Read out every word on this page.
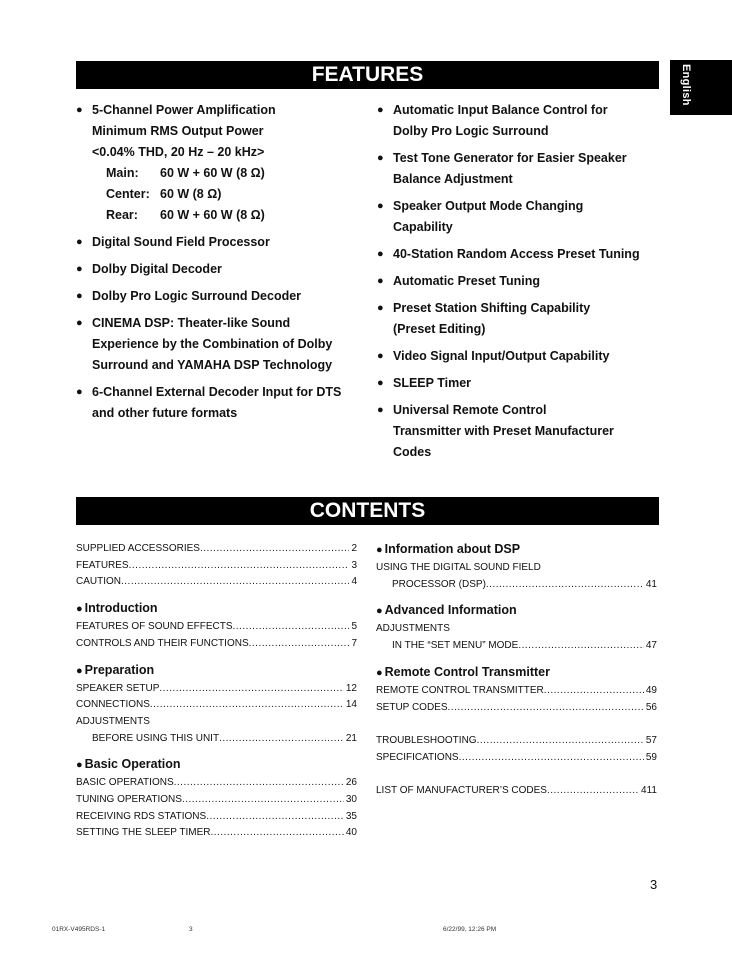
English
FEATURES
● 5-Channel Power Amplification
Minimum RMS Output Power
<0.04% THD, 20 Hz – 20 kHz>
Main:	60 W + 60 W (8 Ω)
Center: 60 W (8 Ω)
Rear:	60 W + 60 W (8 Ω)
● Digital Sound Field Processor
● Dolby Digital Decoder
● Dolby Pro Logic Surround Decoder
● CINEMA DSP: Theater-like Sound
Experience by the Combination of Dolby
Surround and YAMAHA DSP Technology
● 6-Channel External Decoder Input for DTS
and other future formats
● Automatic Input Balance Control for
Dolby Pro Logic Surround
● Test Tone Generator for Easier Speaker
Balance Adjustment
● Speaker Output Mode Changing
Capability
● 40-Station Random Access Preset Tuning
● Automatic Preset Tuning
● Preset Station Shifting Capability
(Preset Editing)
● Video Signal Input/Output Capability
● SLEEP Timer
● Universal Remote Control
Transmitter with Preset Manufacturer
Codes
CONTENTS
SUPPLIED ACCESSORIES .....	2
FEATURES .....	3
CAUTION .....	4
● Introduction
FEATURES OF SOUND EFFECTS .....	5
CONTROLS AND THEIR FUNCTIONS .....	7
● Preparation
SPEAKER SETUP .....	12
CONNECTIONS .....	14
ADJUSTMENTS
BEFORE USING THIS UNIT .....	21
● Basic Operation
BASIC OPERATIONS .....	26
TUNING OPERATIONS .....	30
RECEIVING RDS STATIONS .....	35
SETTING THE SLEEP TIMER .....	40
● Information about DSP
USING THE DIGITAL SOUND FIELD
PROCESSOR (DSP) .....	41
● Advanced Information
ADJUSTMENTS
IN THE “SET MENU” MODE .....	47
● Remote Control Transmitter
REMOTE CONTROL TRANSMITTER .....	49
SETUP CODES .....	56
TROUBLESHOOTING .....	57
SPECIFICATIONS .....	59
LIST OF MANUFACTURER’S CODES .....	411
3
01RX-V495RDS-1	3	6/22/99, 12:26 PM
